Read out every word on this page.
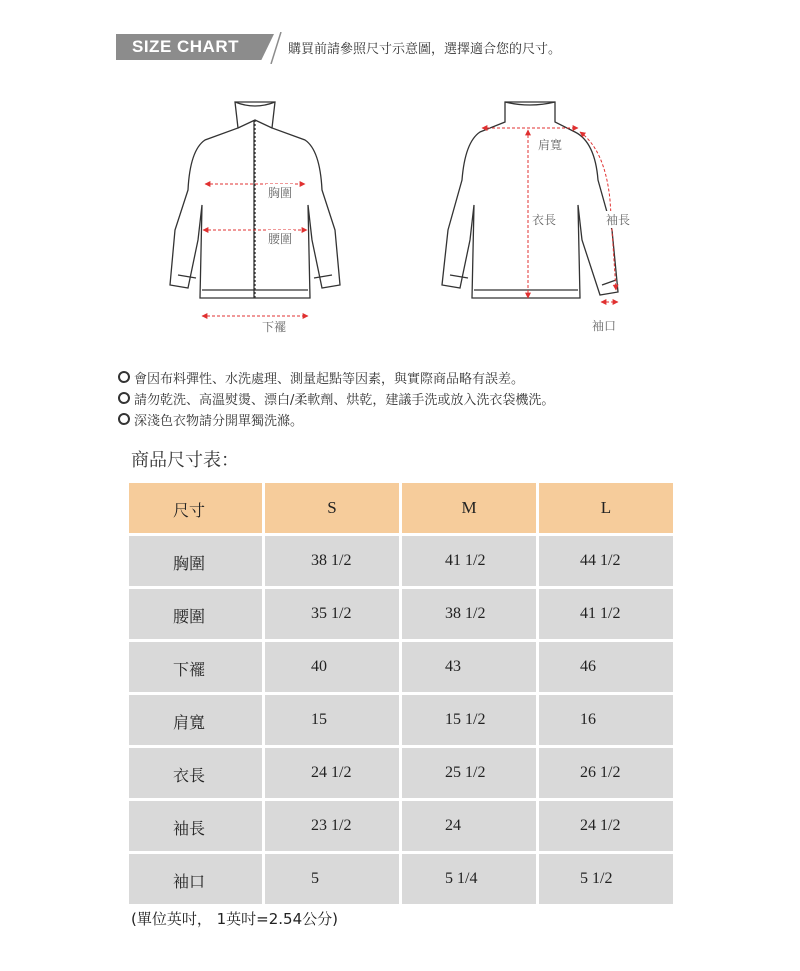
SIZE CHART	購買前請參照尺寸示意圖，選擇適合您的尺寸。
胸圍
腰圍
下襬
肩寬
衣長	袖長
袖口
會因布料彈性、水洗處理、測量起點等因素，與實際商品略有誤差。
請勿乾洗、高溫熨燙、漂白/柔軟劑、烘乾，建議手洗或放入洗衣袋機洗。
深淺色衣物請分開單獨洗滌。
商品尺寸表：
尺寸	S	M	L
胸圍	38 1/2	41 1/2	44 1/2
腰圍	35 1/2	38 1/2	41 1/2
下襬	40	43	46
肩寬	15	15 1/2	16
衣長	24 1/2	25 1/2	26 1/2
袖長	23 1/2	24	24 1/2
袖口	5	5 1/4	5 1/2
(單位英吋， 1英吋=2.54公分)
